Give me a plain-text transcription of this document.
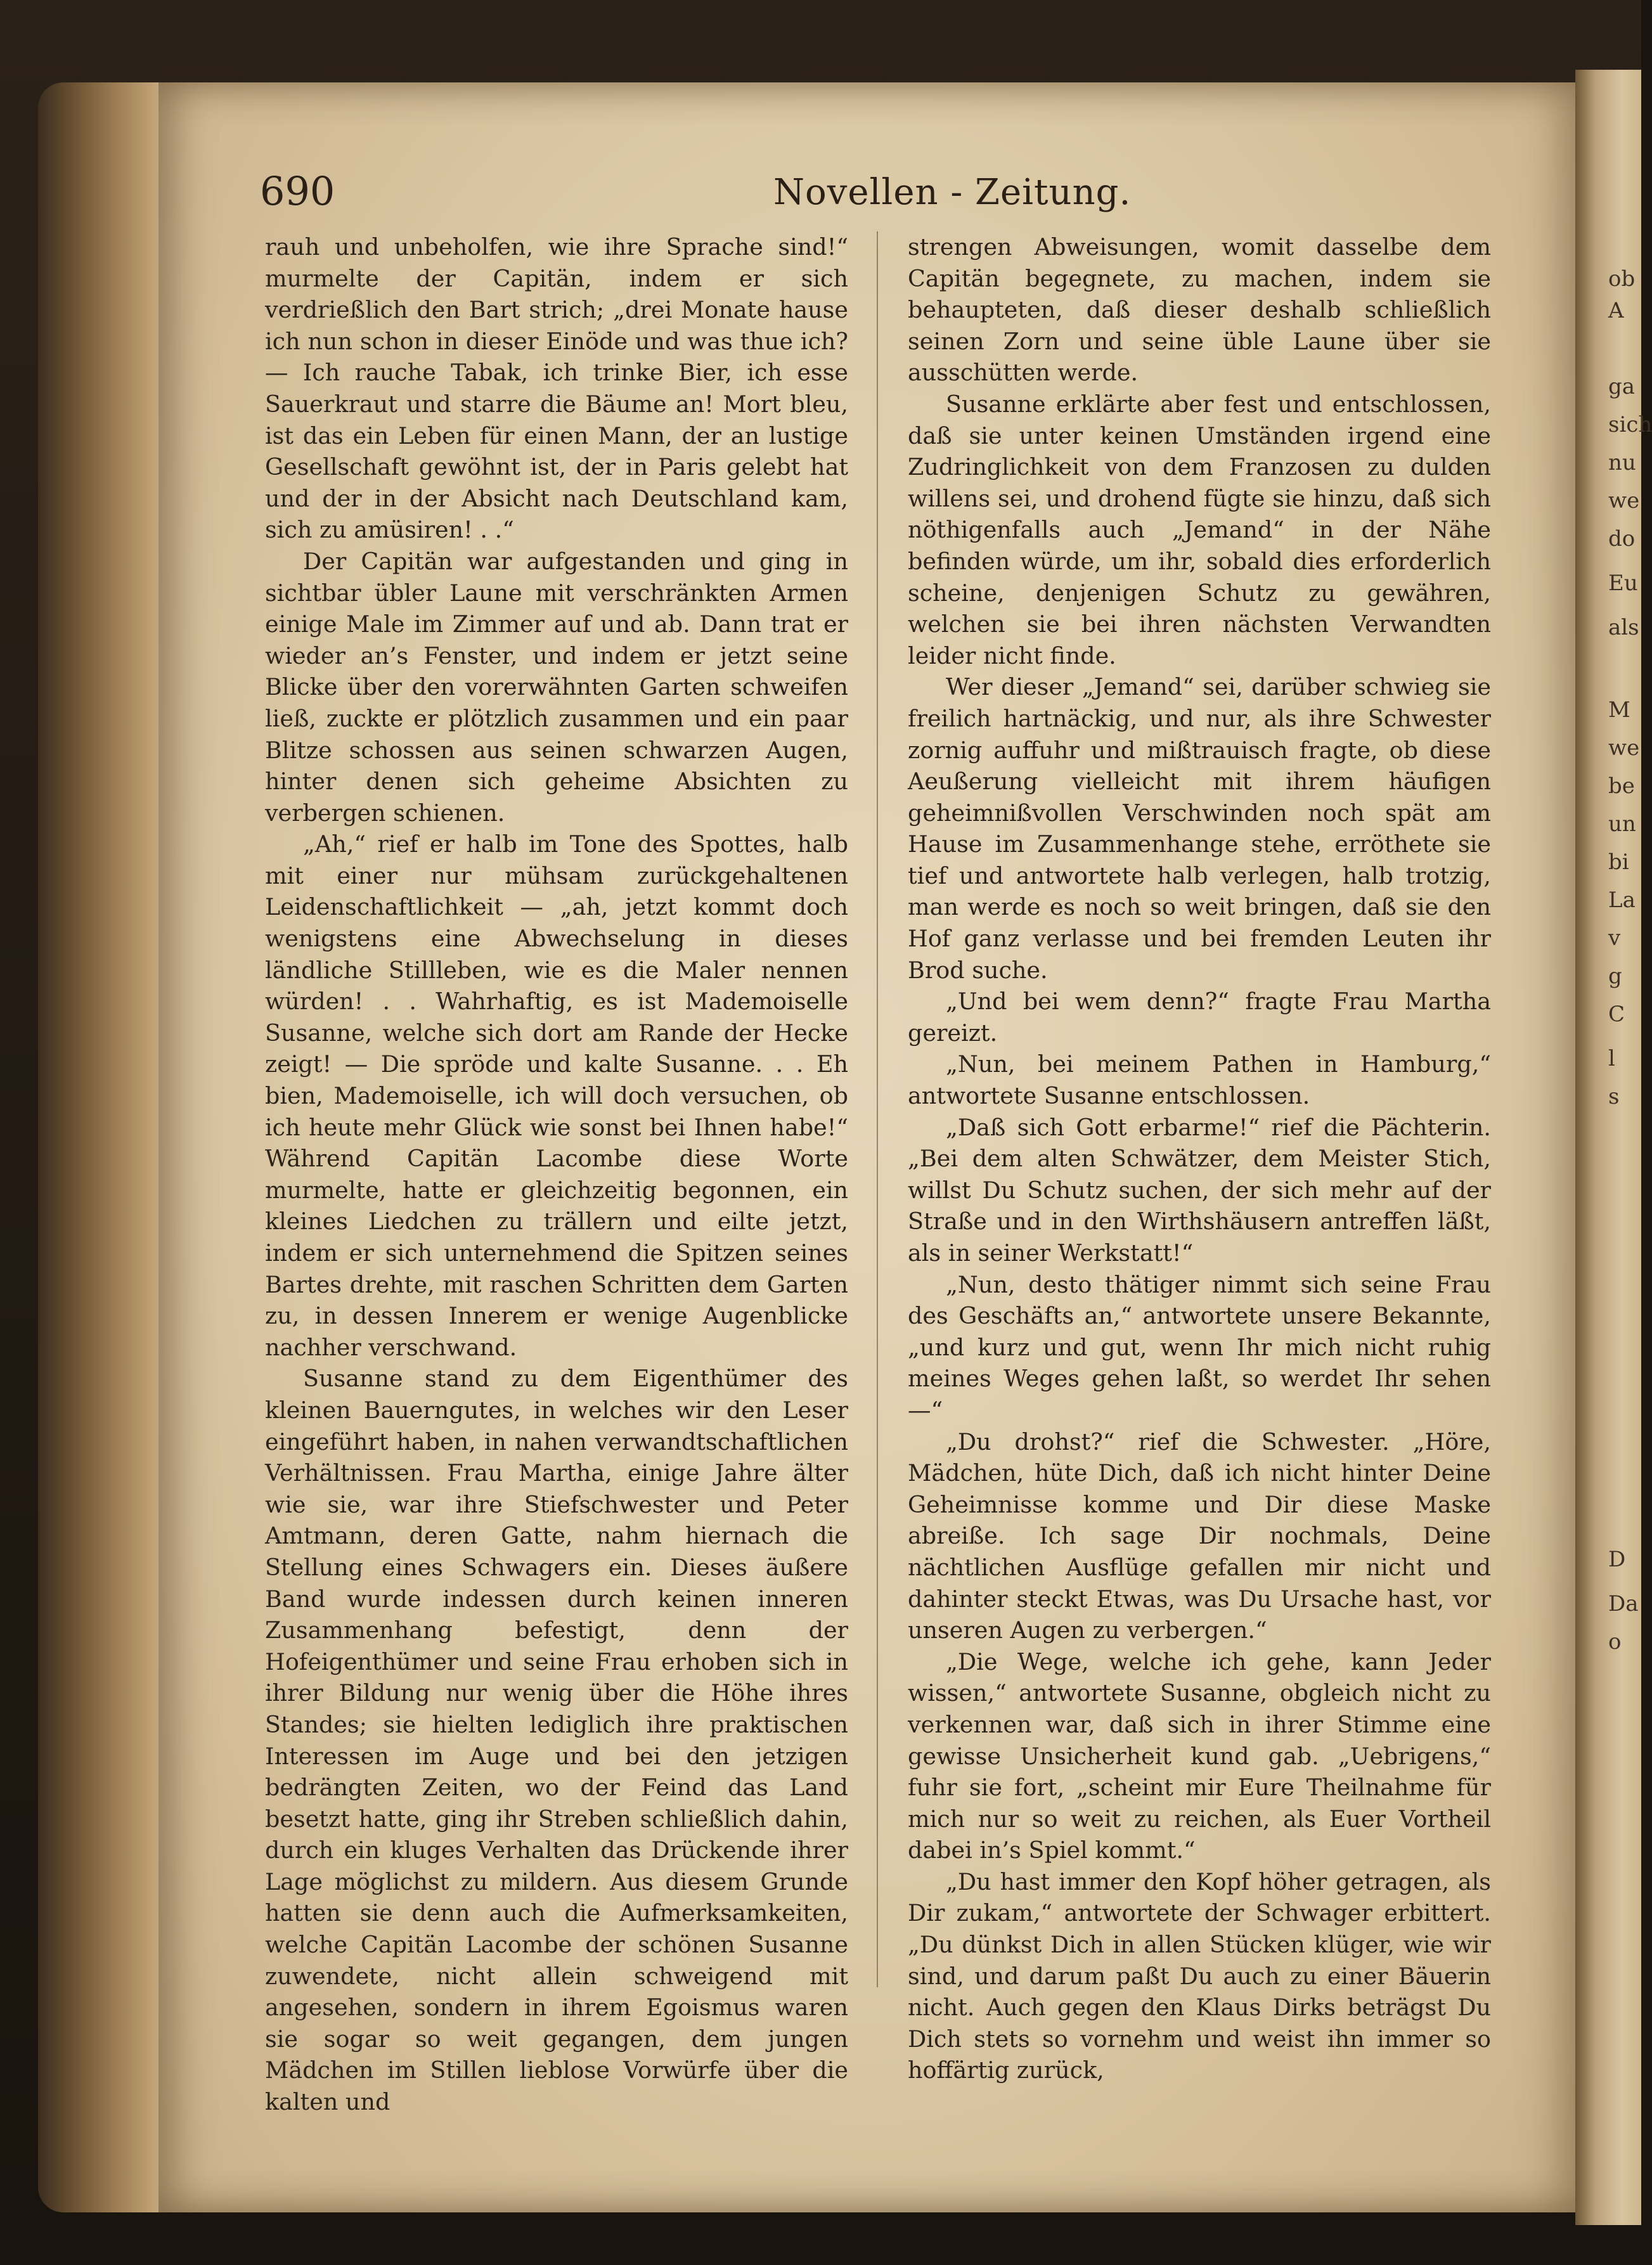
ob
A
ga
sich
nu
we
do
Eu
als
M
we
be
un
bi
La
v
g
C
l
s
D
Da
o
690	Novellen - Zeitung.

rauh und unbeholfen, wie ihre Sprache sind!“ murmelte der Capitän, indem er sich verdrießlich den Bart strich; „drei Monate hause ich nun schon in dieser Einöde und was thue ich? — Ich rauche Tabak, ich trinke Bier, ich esse Sauerkraut und starre die Bäume an! Mort bleu, ist das ein Leben für einen Mann, der an lustige Gesellschaft gewöhnt ist, der in Paris gelebt hat und der in der Absicht nach Deutschland kam, sich zu amüsiren! . .“

Der Capitän war aufgestanden und ging in sichtbar übler Laune mit verschränkten Armen einige Male im Zimmer auf und ab. Dann trat er wieder an’s Fenster, und indem er jetzt seine Blicke über den vorerwähnten Garten schweifen ließ, zuckte er plötzlich zusammen und ein paar Blitze schossen aus seinen schwarzen Augen, hinter denen sich geheime Absichten zu verbergen schienen.

„Ah,“ rief er halb im Tone des Spottes, halb mit einer nur mühsam zurückgehaltenen Leidenschaftlichkeit — „ah, jetzt kommt doch wenigstens eine Abwechselung in dieses ländliche Stillleben, wie es die Maler nennen würden! . . Wahrhaftig, es ist Mademoiselle Susanne, welche sich dort am Rande der Hecke zeigt! — Die spröde und kalte Susanne. . . Eh bien, Mademoiselle, ich will doch versuchen, ob ich heute mehr Glück wie sonst bei Ihnen habe!“ Während Capitän Lacombe diese Worte murmelte, hatte er gleichzeitig begonnen, ein kleines Liedchen zu trällern und eilte jetzt, indem er sich unternehmend die Spitzen seines Bartes drehte, mit raschen Schritten dem Garten zu, in dessen Innerem er wenige Augenblicke nachher verschwand.

Susanne stand zu dem Eigenthümer des kleinen Bauerngutes, in welches wir den Leser eingeführt haben, in nahen verwandtschaftlichen Verhältnissen. Frau Martha, einige Jahre älter wie sie, war ihre Stiefschwester und Peter Amtmann, deren Gatte, nahm hiernach die Stellung eines Schwagers ein. Dieses äußere Band wurde indessen durch keinen inneren Zusammenhang befestigt, denn der Hofeigenthümer und seine Frau erhoben sich in ihrer Bildung nur wenig über die Höhe ihres Standes; sie hielten lediglich ihre praktischen Interessen im Auge und bei den jetzigen bedrängten Zeiten, wo der Feind das Land besetzt hatte, ging ihr Streben schließlich dahin, durch ein kluges Verhalten das Drückende ihrer Lage möglichst zu mildern. Aus diesem Grunde hatten sie denn auch die Aufmerksamkeiten, welche Capitän Lacombe der schönen Susanne zuwendete, nicht allein schweigend mit angesehen, sondern in ihrem Egoismus waren sie sogar so weit gegangen, dem jungen Mädchen im Stillen lieblose Vorwürfe über die kalten und

strengen Abweisungen, womit dasselbe dem Capitän begegnete, zu machen, indem sie behaupteten, daß dieser deshalb schließlich seinen Zorn und seine üble Laune über sie ausschütten werde.

Susanne erklärte aber fest und entschlossen, daß sie unter keinen Umständen irgend eine Zudringlichkeit von dem Franzosen zu dulden willens sei, und drohend fügte sie hinzu, daß sich nöthigenfalls auch „Jemand“ in der Nähe befinden würde, um ihr, sobald dies erforderlich scheine, denjenigen Schutz zu gewähren, welchen sie bei ihren nächsten Verwandten leider nicht finde.

Wer dieser „Jemand“ sei, darüber schwieg sie freilich hartnäckig, und nur, als ihre Schwester zornig auffuhr und mißtrauisch fragte, ob diese Aeußerung vielleicht mit ihrem häufigen geheimnißvollen Verschwinden noch spät am Hause im Zusammenhange stehe, erröthete sie tief und antwortete halb verlegen, halb trotzig, man werde es noch so weit bringen, daß sie den Hof ganz verlasse und bei fremden Leuten ihr Brod suche.

„Und bei wem denn?“ fragte Frau Martha gereizt.

„Nun, bei meinem Pathen in Hamburg,“ antwortete Susanne entschlossen.

„Daß sich Gott erbarme!“ rief die Pächterin. „Bei dem alten Schwätzer, dem Meister Stich, willst Du Schutz suchen, der sich mehr auf der Straße und in den Wirthshäusern antreffen läßt, als in seiner Werkstatt!“

„Nun, desto thätiger nimmt sich seine Frau des Geschäfts an,“ antwortete unsere Bekannte, „und kurz und gut, wenn Ihr mich nicht ruhig meines Weges gehen laßt, so werdet Ihr sehen —“

„Du drohst?“ rief die Schwester. „Höre, Mädchen, hüte Dich, daß ich nicht hinter Deine Geheimnisse komme und Dir diese Maske abreiße. Ich sage Dir nochmals, Deine nächtlichen Ausflüge gefallen mir nicht und dahinter steckt Etwas, was Du Ursache hast, vor unseren Augen zu verbergen.“

„Die Wege, welche ich gehe, kann Jeder wissen,“ antwortete Susanne, obgleich nicht zu verkennen war, daß sich in ihrer Stimme eine gewisse Unsicherheit kund gab. „Uebrigens,“ fuhr sie fort, „scheint mir Eure Theilnahme für mich nur so weit zu reichen, als Euer Vortheil dabei in’s Spiel kommt.“

„Du hast immer den Kopf höher getragen, als Dir zukam,“ antwortete der Schwager erbittert. „Du dünkst Dich in allen Stücken klüger, wie wir sind, und darum paßt Du auch zu einer Bäuerin nicht. Auch gegen den Klaus Dirks beträgst Du Dich stets so vornehm und weist ihn immer so hoffärtig zurück,
